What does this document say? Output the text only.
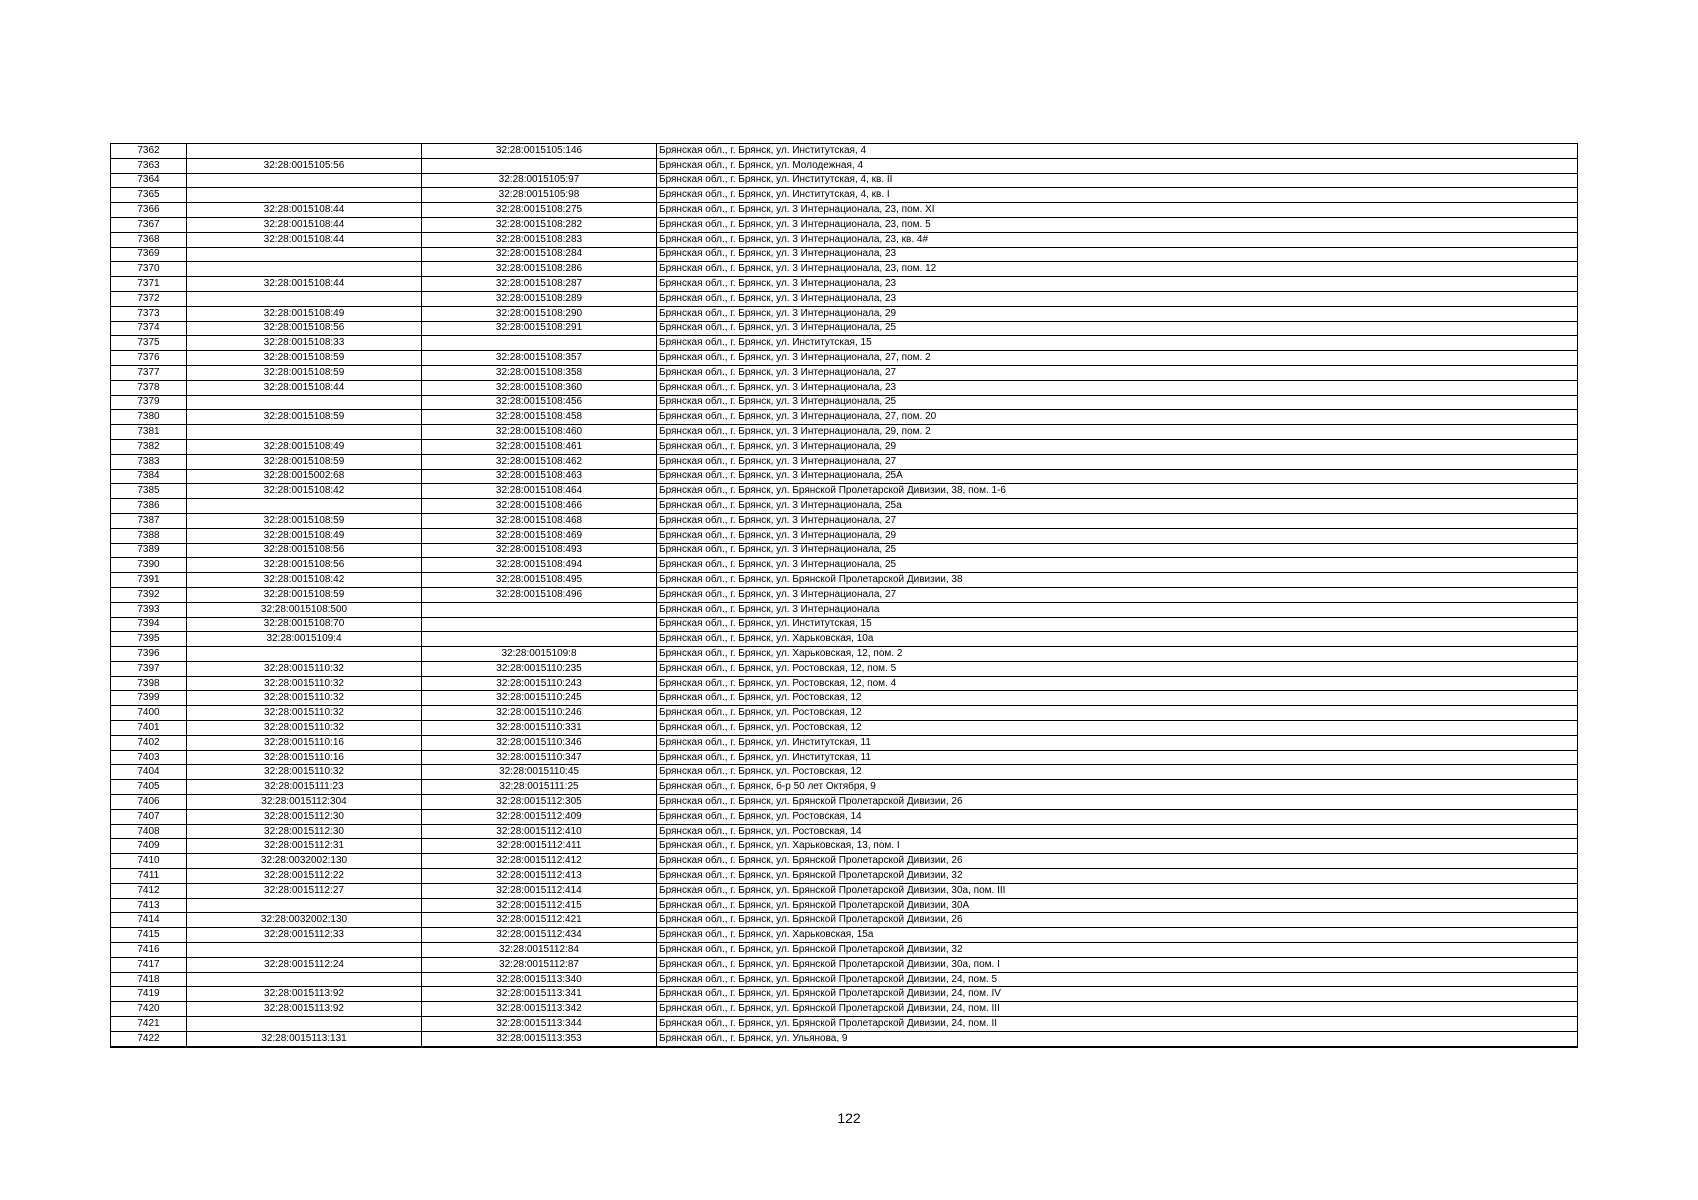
7362		32:28:0015105:146	Брянская обл., г. Брянск, ул. Институтская, 4
7363	32:28:0015105:56		Брянская обл., г. Брянск, ул. Молодежная, 4
7364		32:28:0015105:97	Брянская обл., г. Брянск, ул. Институтская, 4, кв. II
7365		32:28:0015105:98	Брянская обл., г. Брянск, ул. Институтская, 4, кв. I
7366	32:28:0015108:44	32:28:0015108:275	Брянская обл., г. Брянск, ул. 3 Интернационала, 23, пом. XI
7367	32:28:0015108:44	32:28:0015108:282	Брянская обл., г. Брянск, ул. 3 Интернационала, 23, пом. 5
7368	32:28:0015108:44	32:28:0015108:283	Брянская обл., г. Брянск, ул. 3 Интернационала, 23, кв. 4#
7369		32:28:0015108:284	Брянская обл., г. Брянск, ул. 3 Интернационала, 23
7370		32:28:0015108:286	Брянская обл., г. Брянск, ул. 3 Интернационала, 23, пом. 12
7371	32:28:0015108:44	32:28:0015108:287	Брянская обл., г. Брянск, ул. 3 Интернационала, 23
7372		32:28:0015108:289	Брянская обл., г. Брянск, ул. 3 Интернационала, 23
7373	32:28:0015108:49	32:28:0015108:290	Брянская обл., г. Брянск, ул. 3 Интернационала, 29
7374	32:28:0015108:56	32:28:0015108:291	Брянская обл., г. Брянск, ул. 3 Интернационала, 25
7375	32:28:0015108:33		Брянская обл., г. Брянск, ул. Институтская, 15
7376	32:28:0015108:59	32:28:0015108:357	Брянская обл., г. Брянск, ул. 3 Интернационала, 27, пом. 2
7377	32:28:0015108:59	32:28:0015108:358	Брянская обл., г. Брянск, ул. 3 Интернационала, 27
7378	32:28:0015108:44	32:28:0015108:360	Брянская обл., г. Брянск, ул. 3 Интернационала, 23
7379		32:28:0015108:456	Брянская обл., г. Брянск, ул. 3 Интернационала, 25
7380	32:28:0015108:59	32:28:0015108:458	Брянская обл., г. Брянск, ул. 3 Интернационала, 27, пом. 20
7381		32:28:0015108:460	Брянская обл., г. Брянск, ул. 3 Интернационала, 29, пом. 2
7382	32:28:0015108:49	32:28:0015108:461	Брянская обл., г. Брянск, ул. 3 Интернационала, 29
7383	32:28:0015108:59	32:28:0015108:462	Брянская обл., г. Брянск, ул. 3 Интернационала, 27
7384	32:28:0015002:68	32:28:0015108:463	Брянская обл., г. Брянск, ул. 3 Интернационала, 25А
7385	32:28:0015108:42	32:28:0015108:464	Брянская обл., г. Брянск, ул. Брянской Пролетарской Дивизии, 38, пом. 1-6
7386		32:28:0015108:466	Брянская обл., г. Брянск, ул. 3 Интернационала, 25а
7387	32:28:0015108:59	32:28:0015108:468	Брянская обл., г. Брянск, ул. 3 Интернационала, 27
7388	32:28:0015108:49	32:28:0015108:469	Брянская обл., г. Брянск, ул. 3 Интернационала, 29
7389	32:28:0015108:56	32:28:0015108:493	Брянская обл., г. Брянск, ул. 3 Интернационала, 25
7390	32:28:0015108:56	32:28:0015108:494	Брянская обл., г. Брянск, ул. 3 Интернационала, 25
7391	32:28:0015108:42	32:28:0015108:495	Брянская обл., г. Брянск, ул. Брянской Пролетарской Дивизии, 38
7392	32:28:0015108:59	32:28:0015108:496	Брянская обл., г. Брянск, ул. 3 Интернационала, 27
7393	32:28:0015108:500		Брянская обл., г. Брянск, ул. 3 Интернационала
7394	32:28:0015108:70		Брянская обл., г. Брянск, ул. Институтская, 15
7395	32:28:0015109:4		Брянская обл., г. Брянск, ул. Харьковская, 10а
7396		32:28:0015109:8	Брянская обл., г. Брянск, ул. Харьковская, 12, пом. 2
7397	32:28:0015110:32	32:28:0015110:235	Брянская обл., г. Брянск, ул. Ростовская, 12, пом. 5
7398	32:28:0015110:32	32:28:0015110:243	Брянская обл., г. Брянск, ул. Ростовская, 12, пом. 4
7399	32:28:0015110:32	32:28:0015110:245	Брянская обл., г. Брянск, ул. Ростовская, 12
7400	32:28:0015110:32	32:28:0015110:246	Брянская обл., г. Брянск, ул. Ростовская, 12
7401	32:28:0015110:32	32:28:0015110:331	Брянская обл., г. Брянск, ул. Ростовская, 12
7402	32:28:0015110:16	32:28:0015110:346	Брянская обл., г. Брянск, ул. Институтская, 11
7403	32:28:0015110:16	32:28:0015110:347	Брянская обл., г. Брянск, ул. Институтская, 11
7404	32:28:0015110:32	32:28:0015110:45	Брянская обл., г. Брянск, ул. Ростовская, 12
7405	32:28:0015111:23	32:28:0015111:25	Брянская обл., г. Брянск, б-р 50 лет Октября, 9
7406	32:28:0015112:304	32:28:0015112:305	Брянская обл., г. Брянск, ул. Брянской Пролетарской Дивизии, 26
7407	32:28:0015112:30	32:28:0015112:409	Брянская обл., г. Брянск, ул. Ростовская, 14
7408	32:28:0015112:30	32:28:0015112:410	Брянская обл., г. Брянск, ул. Ростовская, 14
7409	32:28:0015112:31	32:28:0015112:411	Брянская обл., г. Брянск, ул. Харьковская, 13, пом. I
7410	32:28:0032002:130	32:28:0015112:412	Брянская обл., г. Брянск, ул. Брянской Пролетарской Дивизии, 26
7411	32:28:0015112:22	32:28:0015112:413	Брянская обл., г. Брянск, ул. Брянской Пролетарской Дивизии, 32
7412	32:28:0015112:27	32:28:0015112:414	Брянская обл., г. Брянск, ул. Брянской Пролетарской Дивизии, 30а, пом. III
7413		32:28:0015112:415	Брянская обл., г. Брянск, ул. Брянской Пролетарской Дивизии, 30А
7414	32:28:0032002:130	32:28:0015112:421	Брянская обл., г. Брянск, ул. Брянской Пролетарской Дивизии, 26
7415	32:28:0015112:33	32:28:0015112:434	Брянская обл., г. Брянск, ул. Харьковская, 15а
7416		32:28:0015112:84	Брянская обл., г. Брянск, ул. Брянской Пролетарской Дивизии, 32
7417	32:28:0015112:24	32:28:0015112:87	Брянская обл., г. Брянск, ул. Брянской Пролетарской Дивизии, 30а, пом. I
7418		32:28:0015113:340	Брянская обл., г. Брянск, ул. Брянской Пролетарской Дивизии, 24, пом. 5
7419	32:28:0015113:92	32:28:0015113:341	Брянская обл., г. Брянск, ул. Брянской Пролетарской Дивизии, 24, пом. IV
7420	32:28:0015113:92	32:28:0015113:342	Брянская обл., г. Брянск, ул. Брянской Пролетарской Дивизии, 24, пом. III
7421		32:28:0015113:344	Брянская обл., г. Брянск, ул. Брянской Пролетарской Дивизии, 24, пом. II
7422	32:28:0015113:131	32:28:0015113:353	Брянская обл., г. Брянск, ул. Ульянова, 9
122
